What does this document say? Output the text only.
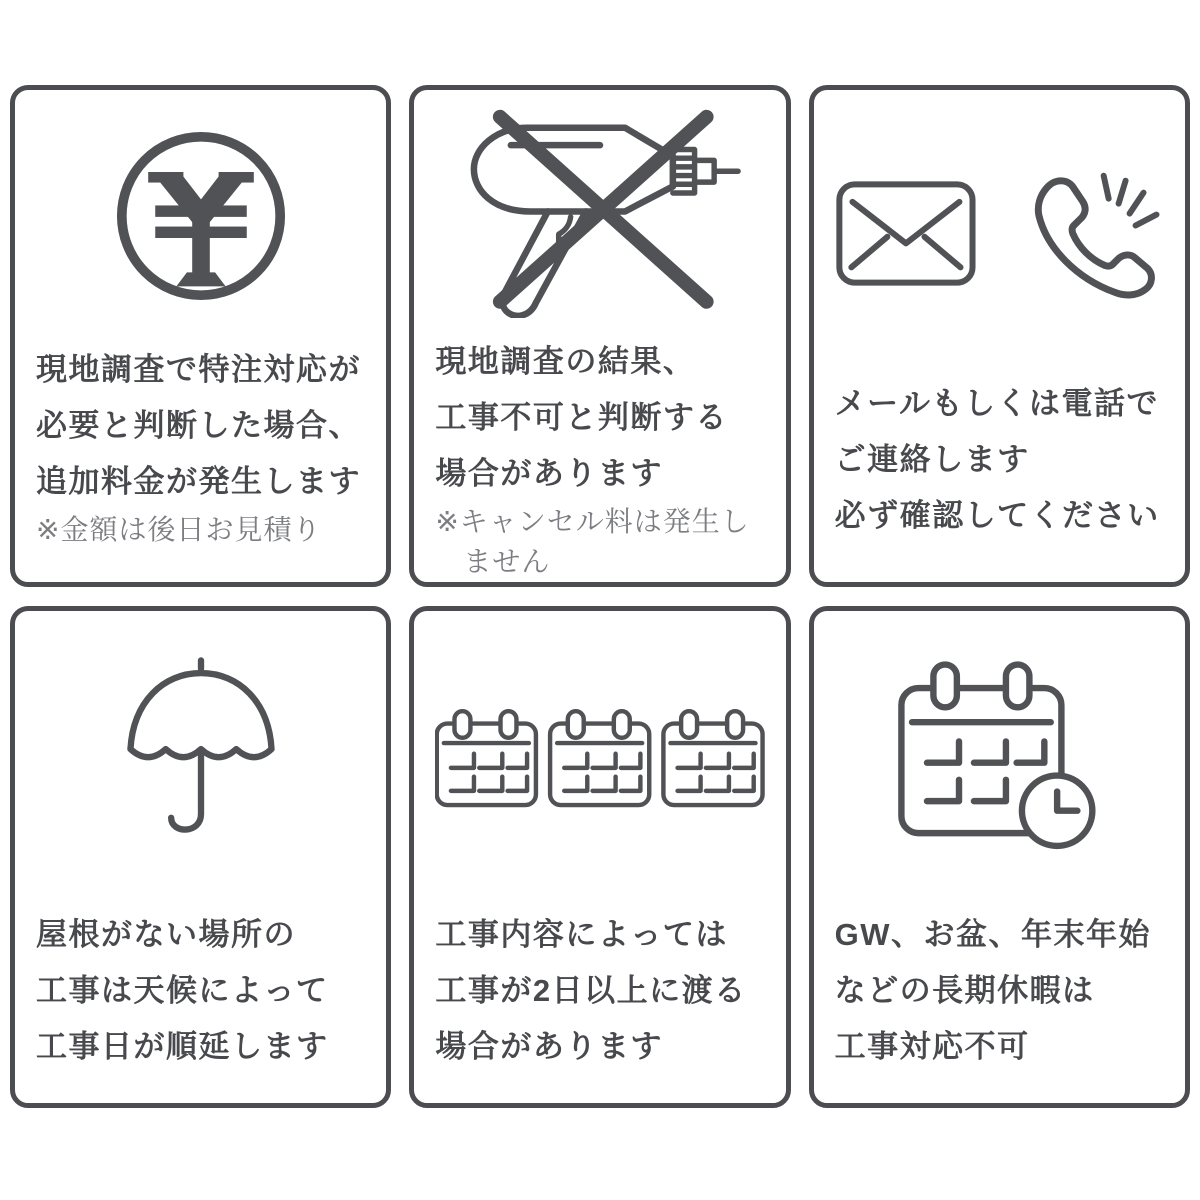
現地調査で特注対応が
必要と判断した場合、
追加料金が発生します
※金額は後日お見積り
現地調査の結果、
工事不可と判断する
場合があります
※キャンセル料は発生しません
メールもしくは電話で
ご連絡します
必ず確認してください
屋根がない場所の
工事は天候によって
工事日が順延します
工事内容によっては
工事が2日以上に渡る
場合があります
GW、お盆、年末年始
などの長期休暇は
工事対応不可
